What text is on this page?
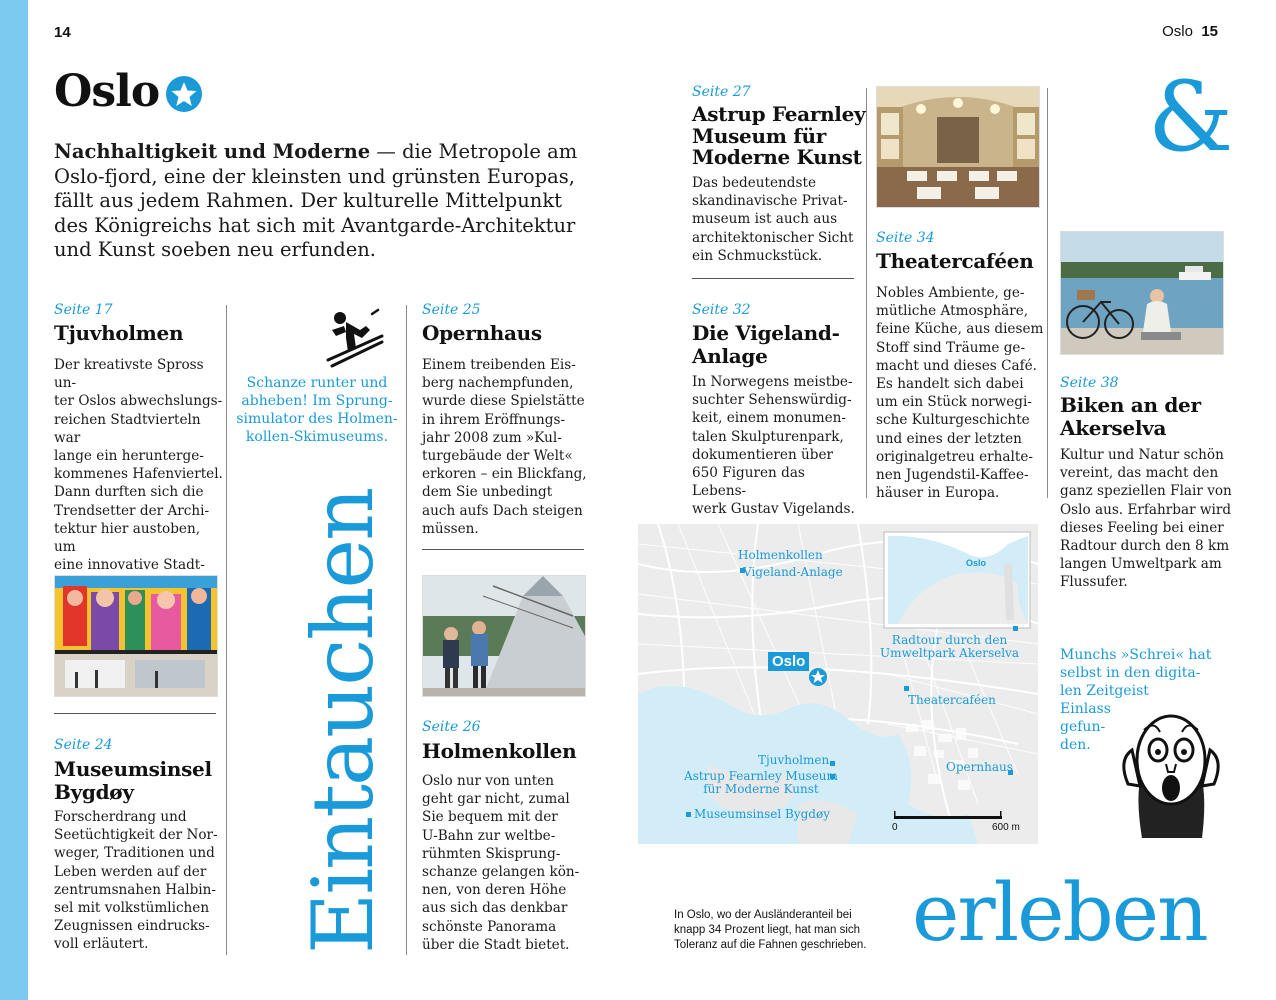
14	Oslo 15
Oslo
Nachhaltigkeit und Moderne — die Metropole am Oslo-fjord, eine der kleinsten und grünsten Europas, fällt aus jedem Rahmen. Der kulturelle Mittelpunkt des Königreichs hat sich mit Avantgarde-Architektur und Kunst soeben neu erfunden.
Seite 17
Tjuvholmen
Der kreativste Spross un-
ter Oslos abwechslungs-
reichen Stadtvierteln war
lange ein herunterge-
kommenes Hafenviertel.
Dann durften sich die
Trendsetter der Archi-
tektur hier austoben, um
eine innovative Stadt-

Seite 24
Museumsinsel
Bygdøy
Forscherdrang und
Seetüchtigkeit der Nor-
weger, Traditionen und
Leben werden auf der
zentrumsnahen Halbin-
sel mit volkstümlichen
Zeugnissen eindrucks-
voll erläutert.
Schanze runter und
abheben! Im Sprung-
simulator des Holmen-
kollen-Skimuseums.
Eintauchen
Seite 25
Opernhaus
Einem treibenden Eis-
berg nachempfunden,
wurde diese Spielstätte
in ihrem Eröffnungs-
jahr 2008 zum »Kul-
turgebäude der Welt«
erkoren – ein Blickfang,
dem Sie unbedingt
auch aufs Dach steigen
müssen.
Seite 26
Holmenkollen
Oslo nur von unten
geht gar nicht, zumal
Sie bequem mit der
U-Bahn zur weltbe-
rühmten Skisprung-
schanze gelangen kön-
nen, von deren Höhe
aus sich das denkbar
schönste Panorama
über die Stadt bietet.
Seite 27
Astrup Fearnley
Museum für
Moderne Kunst
Das bedeutendste
skandinavische Privat-
museum ist auch aus
architektonischer Sicht
ein Schmuckstück.
Seite 32
Die Vigeland-
Anlage
In Norwegens meistbe-
suchter Sehenswürdig-
keit, einem monumen-
talen Skulpturenpark,
dokumentieren über
650 Figuren das Lebens-
werk Gustav Vigelands.
Seite 34
Theatercaféen
Nobles Ambiente, ge-
mütliche Atmosphäre,
feine Küche, aus diesem
Stoff sind Träume ge-
macht und dieses Café.
Es handelt sich dabei
um ein Stück norwegi-
sche Kulturgeschichte
und eines der letzten
originalgetreu erhalte-
nen Jugendstil-Kaffee-
häuser in Europa.
&
Seite 38
Biken an der
Akerselva
Kultur und Natur schön
vereint, das macht den
ganz speziellen Flair von
Oslo aus. Erfahrbar wird
dieses Feeling bei einer
Radtour durch den 8 km
langen Umweltpark am
Flussufer.
Munchs »Schrei« hat
selbst in den digita-
len Zeitgeist
Einlass
gefun-
den.
Holmenkollen
Vigeland-Anlage
Radtour durch den
Umweltpark Akerselva
Theatercaféen
Tjuvholmen
Astrup Fearnley Museum
für Moderne Kunst
Opernhaus
Museumsinsel Bygdøy
Oslo
Oslo
0	600 m
In Oslo, wo der Ausländeranteil bei
knapp 34 Prozent liegt, hat man sich
Toleranz auf die Fahnen geschrieben. erleben
